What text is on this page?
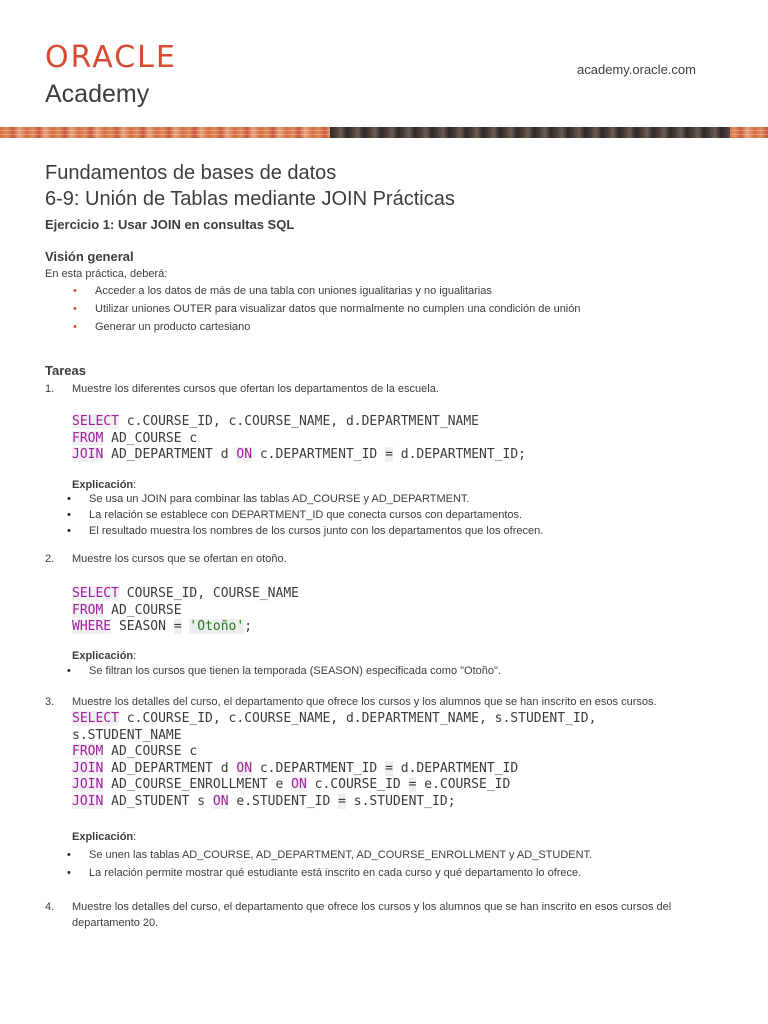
ORACLE
Academy
academy.oracle.com
Fundamentos de bases de datos
6-9: Unión de Tablas mediante JOIN Prácticas
Ejercicio 1: Usar JOIN en consultas SQL
Visión general
En esta práctica, deberá:
• Acceder a los datos de más de una tabla con uniones igualitarias y no igualitarias
• Utilizar uniones OUTER para visualizar datos que normalmente no cumplen una condición de unión
• Generar un producto cartesiano
Tareas
1. Muestre los diferentes cursos que ofertan los departamentos de la escuela.
SELECT c.COURSE_ID, c.COURSE_NAME, d.DEPARTMENT_NAME
FROM AD_COURSE c
JOIN AD_DEPARTMENT d ON c.DEPARTMENT_ID = d.DEPARTMENT_ID;
Explicación:
• Se usa un JOIN para combinar las tablas AD_COURSE y AD_DEPARTMENT.
• La relación se establece con DEPARTMENT_ID que conecta cursos con departamentos.
• El resultado muestra los nombres de los cursos junto con los departamentos que los ofrecen.
2. Muestre los cursos que se ofertan en otoño.
SELECT COURSE_ID, COURSE_NAME
FROM AD_COURSE
WHERE SEASON = 'Otoño';
Explicación:
• Se filtran los cursos que tienen la temporada (SEASON) especificada como "Otoño".
3. Muestre los detalles del curso, el departamento que ofrece los cursos y los alumnos que se han inscrito en esos cursos.
SELECT c.COURSE_ID, c.COURSE_NAME, d.DEPARTMENT_NAME, s.STUDENT_ID,
s.STUDENT_NAME
FROM AD_COURSE c
JOIN AD_DEPARTMENT d ON c.DEPARTMENT_ID = d.DEPARTMENT_ID
JOIN AD_COURSE_ENROLLMENT e ON c.COURSE_ID = e.COURSE_ID
JOIN AD_STUDENT s ON e.STUDENT_ID = s.STUDENT_ID;
Explicación:
• Se unen las tablas AD_COURSE, AD_DEPARTMENT, AD_COURSE_ENROLLMENT y AD_STUDENT.
• La relación permite mostrar qué estudiante está inscrito en cada curso y qué departamento lo ofrece.
4. Muestre los detalles del curso, el departamento que ofrece los cursos y los alumnos que se han inscrito en esos cursos del departamento 20.
